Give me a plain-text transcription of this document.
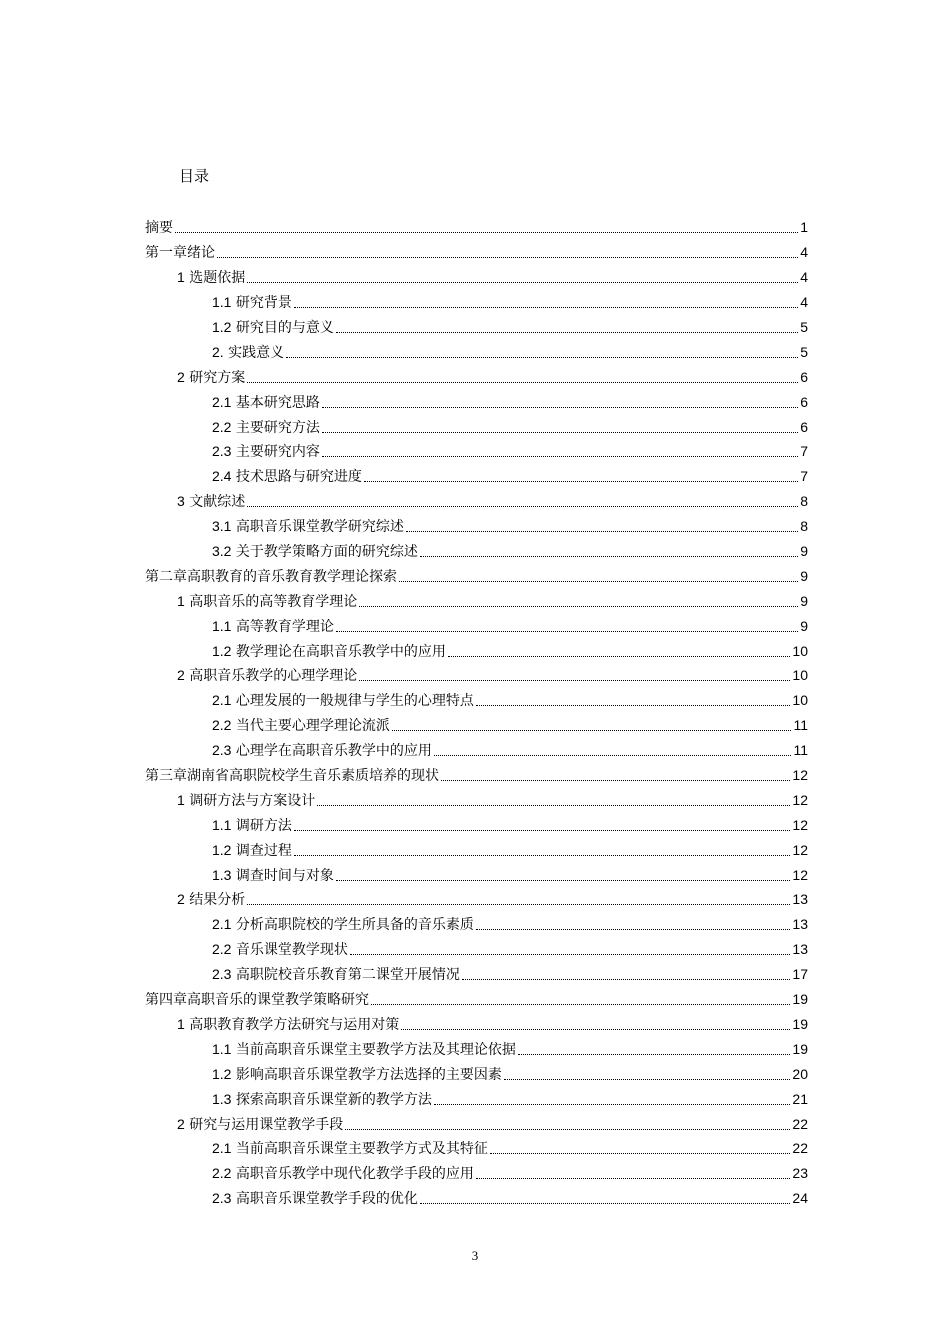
目录
摘要	1
第一章绪论	4
1 选题依据	4
1.1 研究背景	4
1.2 研究目的与意义	5
2. 实践意义	5
2 研究方案	6
2.1 基本研究思路	6
2.2 主要研究方法	6
2.3 主要研究内容	7
2.4 技术思路与研究进度	7
3 文献综述	8
3.1 高职音乐课堂教学研究综述	8
3.2 关于教学策略方面的研究综述	9
第二章高职教育的音乐教育教学理论探索	9
1 高职音乐的高等教育学理论	9
1.1 高等教育学理论	9
1.2 教学理论在高职音乐教学中的应用	10
2 高职音乐教学的心理学理论	10
2.1 心理发展的一般规律与学生的心理特点	10
2.2 当代主要心理学理论流派	11
2.3 心理学在高职音乐教学中的应用	11
第三章湖南省高职院校学生音乐素质培养的现状	12
1 调研方法与方案设计	12
1.1 调研方法	12
1.2 调查过程	12
1.3 调查时间与对象	12
2 结果分析	13
2.1 分析高职院校的学生所具备的音乐素质	13
2.2 音乐课堂教学现状	13
2.3 高职院校音乐教育第二课堂开展情况	17
第四章高职音乐的课堂教学策略研究	19
1 高职教育教学方法研究与运用对策	19
1.1 当前高职音乐课堂主要教学方法及其理论依据	19
1.2 影响高职音乐课堂教学方法选择的主要因素	20
1.3 探索高职音乐课堂新的教学方法	21
2 研究与运用课堂教学手段	22
2.1 当前高职音乐课堂主要教学方式及其特征	22
2.2 高职音乐教学中现代化教学手段的应用	23
2.3 高职音乐课堂教学手段的优化	24
3
